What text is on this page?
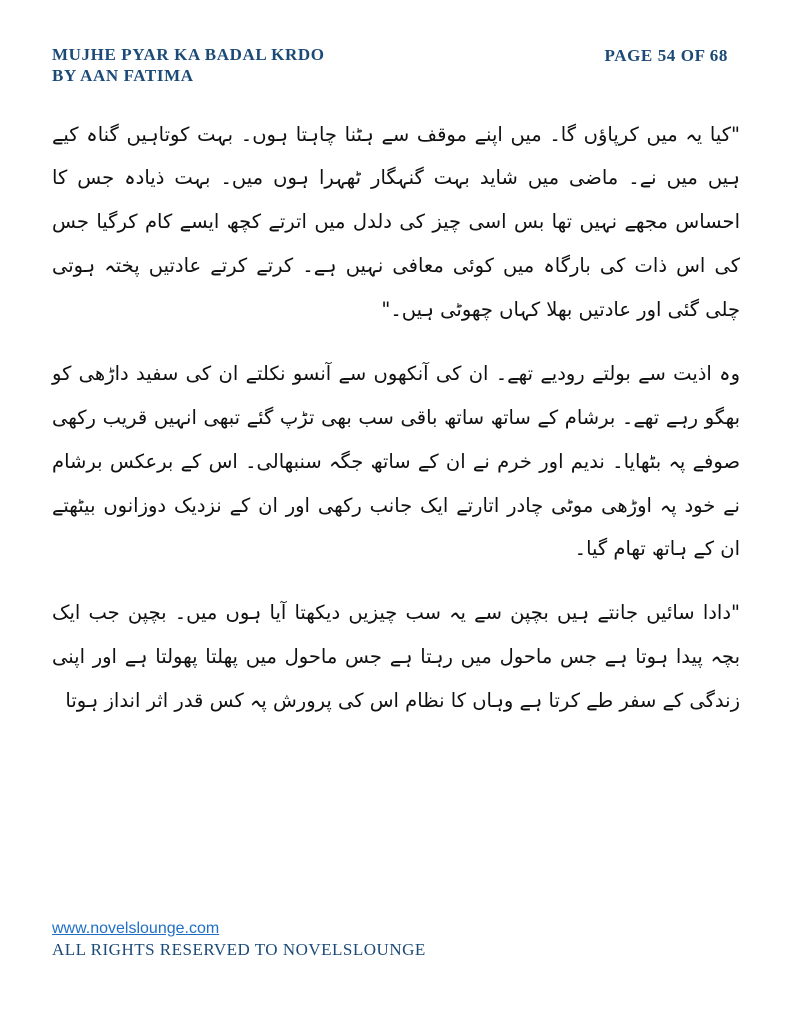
MUJHE PYAR KA BADAL KRDO
BY AAN FATIMA
PAGE 54 OF 68

"کیا یہ میں کرپاؤں گا۔ میں اپنے موقف سے ہٹنا چاہتا ہوں۔ بہت کوتاہیں گناہ کیے ہیں میں نے۔ ماضی میں شاید بہت گنہگار ٹھہرا ہوں میں۔ بہت ذیادہ جس کا احساس مجھے نہیں تھا بس اسی چیز کی دلدل میں اترتے کچھ ایسے کام کرگیا جس کی اس ذات کی بارگاہ میں کوئی معافی نہیں ہے۔ کرتے کرتے عادتیں پختہ ہوتی چلی گئی اور عادتیں بھلا کہاں چھوٹی ہیں۔"

وہ اذیت سے بولتے رودیے تھے۔ ان کی آنکھوں سے آنسو نکلتے ان کی سفید داڑھی کو بھگو رہے تھے۔ برشام کے ساتھ ساتھ باقی سب بھی تڑپ گئے تبھی انہیں قریب رکھی صوفے پہ بٹھایا۔ ندیم اور خرم نے ان کے ساتھ جگہ سنبھالی۔ اس کے برعکس برشام نے خود پہ اوڑھی موٹی چادر اتارتے ایک جانب رکھی اور ان کے نزدیک دوزانوں بیٹھتے ان کے ہاتھ تھام گیا۔

"دادا سائیں جانتے ہیں بچپن سے یہ سب چیزیں دیکھتا آیا ہوں میں۔ بچپن جب ایک بچہ پیدا ہوتا ہے جس ماحول میں رہتا ہے جس ماحول میں پھلتا پھولتا ہے اور اپنی زندگی کے سفر طے کرتا ہے وہاں کا نظام اس کی پرورش پہ کس قدر اثر انداز ہوتا

www.novelslounge.com
ALL RIGHTS RESERVED TO NOVELSLOUNGE
